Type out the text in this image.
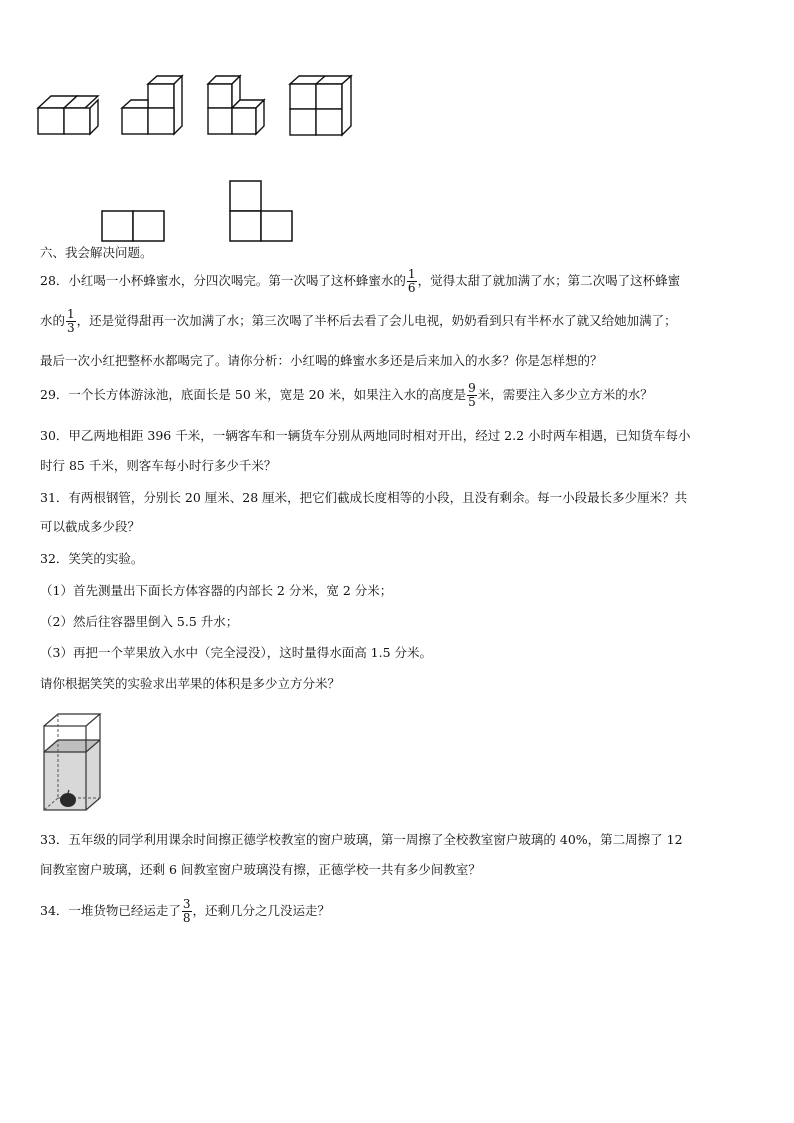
六、我会解决问题。
28．小红喝一小杯蜂蜜水，分四次喝完。第一次喝了这杯蜂蜜水的 $\frac{1}{6}$ ，觉得太甜了就加满了水；第二次喝了这杯蜂蜜
水的 $\frac{1}{3}$ ，还是觉得甜再一次加满了水；第三次喝了半杯后去看了会儿电视，奶奶看到只有半杯水了就又给她加满了；
最后一次小红把整杯水都喝完了。请你分析：小红喝的蜂蜜水多还是后来加入的水多？你是怎样想的？
29．一个长方体游泳池，底面长是 50 米，宽是 20 米，如果注入水的高度是 $\frac{9}{5}$ 米，需要注入多少立方米的水？
30．甲乙两地相距 396 千米，一辆客车和一辆货车分别从两地同时相对开出，经过 2.2 小时两车相遇，已知货车每小
时行 85 千米，则客车每小时行多少千米？
31．有两根钢管，分别长 20 厘米、28 厘米，把它们截成长度相等的小段，且没有剩余。每一小段最长多少厘米？共
可以截成多少段？
32．笑笑的实验。
（1）首先测量出下面长方体容器的内部长 2 分米，宽 2 分米；
（2）然后往容器里倒入 5.5 升水；
（3）再把一个苹果放入水中（完全浸没），这时量得水面高 1.5 分米。
请你根据笑笑的实验求出苹果的体积是多少立方分米？
33．五年级的同学利用课余时间擦正德学校教室的窗户玻璃，第一周擦了全校教室窗户玻璃的 40%，第二周擦了 12
间教室窗户玻璃，还剩 6 间教室窗户玻璃没有擦，正德学校一共有多少间教室？
34．一堆货物已经运走了 $\frac{3}{8}$ ，还剩几分之几没运走？
